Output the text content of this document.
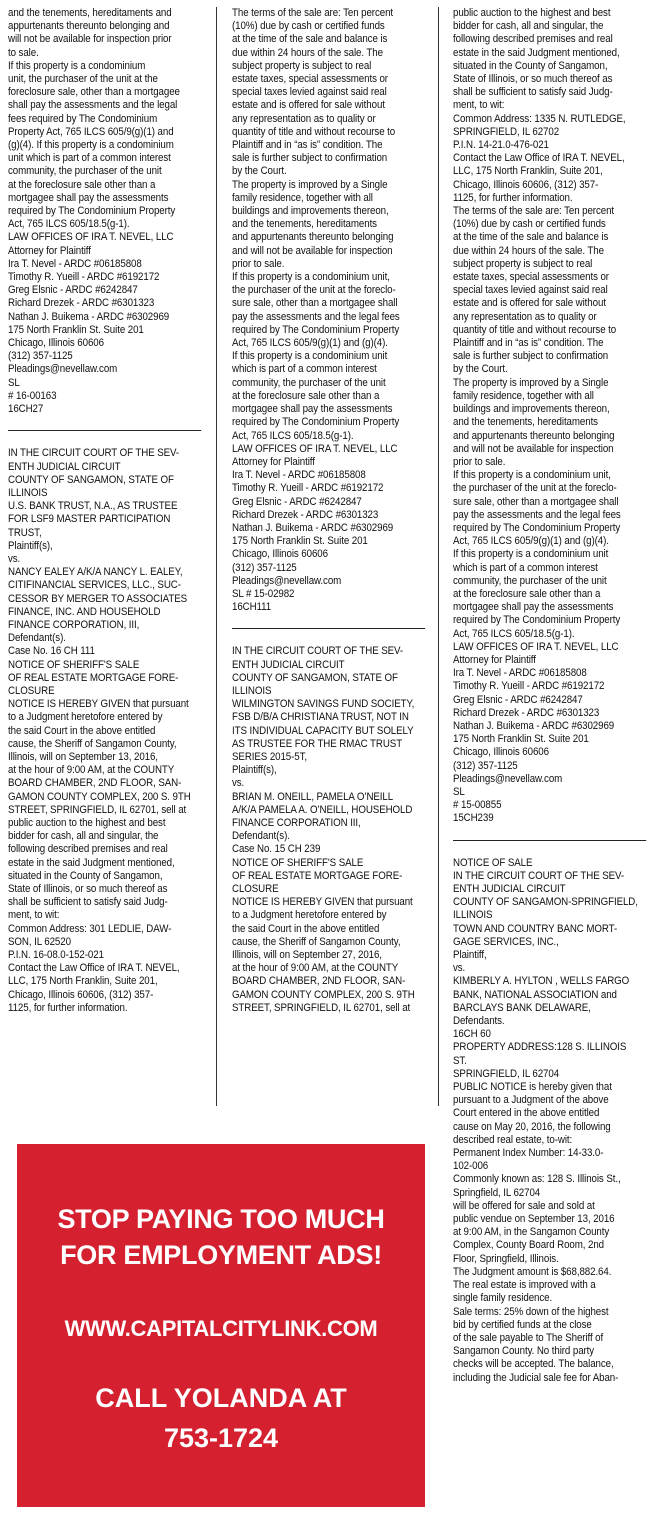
and the tenements, hereditaments and
appurtenants thereunto belonging and
will not be available for inspection prior
to sale.
If this property is a condominium
unit, the purchaser of the unit at the
foreclosure sale, other than a mortgagee
shall pay the assessments and the legal
fees required by The Condominium
Property Act, 765 ILCS 605/9(g)(1) and
(g)(4). If this property is a condominium
unit which is part of a common interest
community, the purchaser of the unit
at the foreclosure sale other than a
mortgagee shall pay the assessments
required by The Condominium Property
Act, 765 ILCS 605/18.5(g-1).
LAW OFFICES OF IRA T. NEVEL, LLC
Attorney for Plaintiff
Ira T. Nevel - ARDC #06185808
Timothy R. Yueill - ARDC #6192172
Greg Elsnic - ARDC #6242847
Richard Drezek - ARDC #6301323
Nathan J. Buikema - ARDC #6302969
175 North Franklin St. Suite 201
Chicago, Illinois 60606
(312) 357-1125
Pleadings@nevellaw.com
SL
# 16-00163
16CH27
IN THE CIRCUIT COURT OF THE SEV-
ENTH JUDICIAL CIRCUIT
COUNTY OF SANGAMON, STATE OF
ILLINOIS
U.S. BANK TRUST, N.A., AS TRUSTEE
FOR LSF9 MASTER PARTICIPATION
TRUST,
Plaintiff(s),
vs.
NANCY EALEY A/K/A NANCY L. EALEY,
CITIFINANCIAL SERVICES, LLC., SUC-
CESSOR BY MERGER TO ASSOCIATES
FINANCE, INC. AND HOUSEHOLD
FINANCE CORPORATION, III,
Defendant(s).
Case No. 16 CH 111
NOTICE OF SHERIFF'S SALE
OF REAL ESTATE MORTGAGE FORE-
CLOSURE
NOTICE IS HEREBY GIVEN that pursuant
to a Judgment heretofore entered by
the said Court in the above entitled
cause, the Sheriff of Sangamon County,
Illinois, will on September 13, 2016,
at the hour of 9:00 AM, at the COUNTY
BOARD CHAMBER, 2ND FLOOR, SAN-
GAMON COUNTY COMPLEX, 200 S. 9TH
STREET, SPRINGFIELD, IL 62701, sell at
public auction to the highest and best
bidder for cash, all and singular, the
following described premises and real
estate in the said Judgment mentioned,
situated in the County of Sangamon,
State of Illinois, or so much thereof as
shall be sufficient to satisfy said Judg-
ment, to wit:
Common Address: 301 LEDLIE, DAW-
SON, IL 62520
P.I.N. 16-08.0-152-021
Contact the Law Office of IRA T. NEVEL,
LLC, 175 North Franklin, Suite 201,
Chicago, Illinois 60606, (312) 357-
1125, for further information.
The terms of the sale are: Ten percent
(10%) due by cash or certified funds
at the time of the sale and balance is
due within 24 hours of the sale. The
subject property is subject to real
estate taxes, special assessments or
special taxes levied against said real
estate and is offered for sale without
any representation as to quality or
quantity of title and without recourse to
Plaintiff and in “as is” condition. The
sale is further subject to confirmation
by the Court.
The property is improved by a Single
family residence, together with all
buildings and improvements thereon,
and the tenements, hereditaments
and appurtenants thereunto belonging
and will not be available for inspection
prior to sale.
If this property is a condominium unit,
the purchaser of the unit at the foreclo-
sure sale, other than a mortgagee shall
pay the assessments and the legal fees
required by The Condominium Property
Act, 765 ILCS 605/9(g)(1) and (g)(4).
If this property is a condominium unit
which is part of a common interest
community, the purchaser of the unit
at the foreclosure sale other than a
mortgagee shall pay the assessments
required by The Condominium Property
Act, 765 ILCS 605/18.5(g-1).
LAW OFFICES OF IRA T. NEVEL, LLC
Attorney for Plaintiff
Ira T. Nevel - ARDC #06185808
Timothy R. Yueill - ARDC #6192172
Greg Elsnic - ARDC #6242847
Richard Drezek - ARDC #6301323
Nathan J. Buikema - ARDC #6302969
175 North Franklin St. Suite 201
Chicago, Illinois 60606
(312) 357-1125
Pleadings@nevellaw.com
SL # 15-02982
16CH111
IN THE CIRCUIT COURT OF THE SEV-
ENTH JUDICIAL CIRCUIT
COUNTY OF SANGAMON, STATE OF
ILLINOIS
WILMINGTON SAVINGS FUND SOCIETY,
FSB D/B/A CHRISTIANA TRUST, NOT IN
ITS INDIVIDUAL CAPACITY BUT SOLELY
AS TRUSTEE FOR THE RMAC TRUST
SERIES 2015-5T,
Plaintiff(s),
vs.
BRIAN M. ONEILL, PAMELA O’NEILL
A/K/A PAMELA A. O’NEILL, HOUSEHOLD
FINANCE CORPORATION III,
Defendant(s).
Case No. 15 CH 239
NOTICE OF SHERIFF'S SALE
OF REAL ESTATE MORTGAGE FORE-
CLOSURE
NOTICE IS HEREBY GIVEN that pursuant
to a Judgment heretofore entered by
the said Court in the above entitled
cause, the Sheriff of Sangamon County,
Illinois, will on September 27, 2016,
at the hour of 9:00 AM, at the COUNTY
BOARD CHAMBER, 2ND FLOOR, SAN-
GAMON COUNTY COMPLEX, 200 S. 9TH
STREET, SPRINGFIELD, IL 62701, sell at
public auction to the highest and best
bidder for cash, all and singular, the
following described premises and real
estate in the said Judgment mentioned,
situated in the County of Sangamon,
State of Illinois, or so much thereof as
shall be sufficient to satisfy said Judg-
ment, to wit:
Common Address: 1335 N. RUTLEDGE,
SPRINGFIELD, IL 62702
P.I.N. 14-21.0-476-021
Contact the Law Office of IRA T. NEVEL,
LLC, 175 North Franklin, Suite 201,
Chicago, Illinois 60606, (312) 357-
1125, for further information.
The terms of the sale are: Ten percent
(10%) due by cash or certified funds
at the time of the sale and balance is
due within 24 hours of the sale. The
subject property is subject to real
estate taxes, special assessments or
special taxes levied against said real
estate and is offered for sale without
any representation as to quality or
quantity of title and without recourse to
Plaintiff and in “as is” condition. The
sale is further subject to confirmation
by the Court.
The property is improved by a Single
family residence, together with all
buildings and improvements thereon,
and the tenements, hereditaments
and appurtenants thereunto belonging
and will not be available for inspection
prior to sale.
If this property is a condominium unit,
the purchaser of the unit at the foreclo-
sure sale, other than a mortgagee shall
pay the assessments and the legal fees
required by The Condominium Property
Act, 765 ILCS 605/9(g)(1) and (g)(4).
If this property is a condominium unit
which is part of a common interest
community, the purchaser of the unit
at the foreclosure sale other than a
mortgagee shall pay the assessments
required by The Condominium Property
Act, 765 ILCS 605/18.5(g-1).
LAW OFFICES OF IRA T. NEVEL, LLC
Attorney for Plaintiff
Ira T. Nevel - ARDC #06185808
Timothy R. Yueill - ARDC #6192172
Greg Elsnic - ARDC #6242847
Richard Drezek - ARDC #6301323
Nathan J. Buikema - ARDC #6302969
175 North Franklin St. Suite 201
Chicago, Illinois 60606
(312) 357-1125
Pleadings@nevellaw.com
SL
# 15-00855
15CH239
NOTICE OF SALE
IN THE CIRCUIT COURT OF THE SEV-
ENTH JUDICIAL CIRCUIT
COUNTY OF SANGAMON-SPRINGFIELD,
ILLINOIS
TOWN AND COUNTRY BANC MORT-
GAGE SERVICES, INC.,
Plaintiff,
vs.
KIMBERLY A. HYLTON , WELLS FARGO
BANK, NATIONAL ASSOCIATION and
BARCLAYS BANK DELAWARE,
Defendants.
16CH 60
PROPERTY ADDRESS:128 S. ILLINOIS
ST.
SPRINGFIELD, IL 62704
PUBLIC NOTICE is hereby given that
pursuant to a Judgment of the above
Court entered in the above entitled
cause on May 20, 2016, the following
described real estate, to-wit:
Permanent Index Number: 14-33.0-
102-006
Commonly known as: 128 S. Illinois St.,
Springfield, IL 62704
will be offered for sale and sold at
public vendue on September 13, 2016
at 9:00 AM, in the Sangamon County
Complex, County Board Room, 2nd
Floor, Springfield, Illinois.
The Judgment amount is $68,882.64.
The real estate is improved with a
single family residence.
Sale terms: 25% down of the highest
bid by certified funds at the close
of the sale payable to The Sheriff of
Sangamon County. No third party
checks will be accepted. The balance,
including the Judicial sale fee for Aban-
STOP PAYING TOO MUCH
FOR EMPLOYMENT ADS!
WWW.CAPITALCITYLINK.COM
CALL YOLANDA AT
753-1724
